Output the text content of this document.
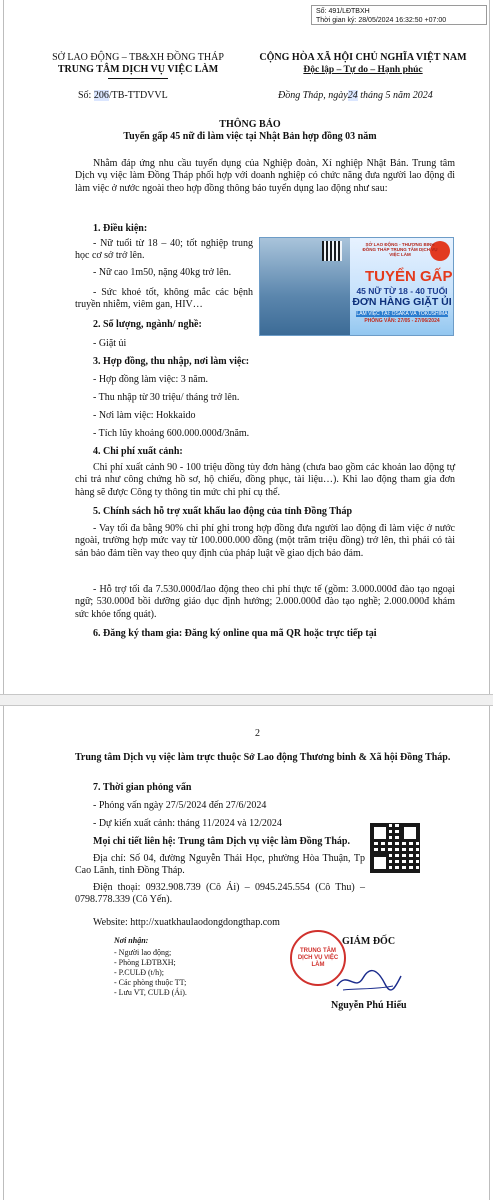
Số: 491/LĐTBXH
Thời gian ký: 28/05/2024 16:32:50 +07:00
SỞ LAO ĐỘNG – TB&XH ĐỒNG THÁP
TRUNG TÂM DỊCH VỤ VIỆC LÀM
CỘNG HÒA XÃ HỘI CHỦ NGHĨA VIỆT NAM
Độc lập – Tự do – Hạnh phúc
Số: 206/TB-TTDVVL	Đồng Tháp, ngày24 tháng 5 năm 2024
THÔNG BÁO
Tuyển gấp 45 nữ đi làm việc tại Nhật Bản hợp đồng 03 năm
Nhằm đáp ứng nhu cầu tuyển dụng của Nghiệp đoàn, Xí nghiệp Nhật Bản. Trung tâm Dịch vụ việc làm Đồng Tháp phối hợp với doanh nghiệp có chức năng đưa người lao động đi làm việc ở nước ngoài theo hợp đồng thông báo tuyển dụng lao động như sau:
1. Điều kiện:
- Nữ tuổi từ 18 – 40; tốt nghiệp trung học cơ sở trở lên.
- Nữ cao 1m50, nặng 40kg trở lên.
- Sức khoẻ tốt, không mắc các bệnh truyền nhiễm, viêm gan, HIV…
SỞ LAO ĐỘNG - THƯƠNG BINH ĐỒNG THÁP TRUNG TÂM DỊCH VỤ VIỆC LÀM
TUYỂN GẤP
45 NỮ TỪ 18 - 40 TUỔI
ĐƠN HÀNG GIẶT ỦI
LÀM VIỆC TẠI: OSAKA VÀ TOKUSHIMA
PHỎNG VẤN: 27/05 - 27/06/2024
2. Số lượng, ngành/ nghề:
- Giặt ủi
3. Hợp đồng, thu nhập, nơi làm việc:
- Hợp đồng làm việc: 3 năm.
- Thu nhập từ 30 triệu/ tháng trở lên.
- Nơi làm việc: Hokkaido
- Tích lũy khoảng 600.000.000đ/3năm.
4. Chi phí xuất cảnh:
Chi phí xuất cảnh 90 - 100 triệu đồng tùy đơn hàng (chưa bao gồm các khoản lao động tự chi trả như công chứng hồ sơ, hộ chiếu, đồng phục, tài liệu…). Khi lao động tham gia đơn hàng sẽ được Công ty thông tin mức chi phí cụ thể.
5. Chính sách hỗ trợ xuất khẩu lao động của tỉnh Đồng Tháp
- Vay tối đa bằng 90% chi phí ghi trong hợp đồng đưa người lao động đi làm việc ở nước ngoài, trường hợp mức vay từ 100.000.000 đồng (một trăm triệu đồng) trở lên, thì phải có tài sản bảo đảm tiền vay theo quy định của pháp luật về giao dịch bảo đảm.
- Hỗ trợ tối đa 7.530.000đ/lao động theo chi phí thực tế (gồm: 3.000.000đ đào tạo ngoại ngữ; 530.000đ bồi dưỡng giáo dục định hướng; 2.000.000đ đào tạo nghề; 2.000.000đ khám sức khỏe tổng quát).
6. Đăng ký tham gia: Đăng ký online qua mã QR hoặc trực tiếp tại
2
Trung tâm Dịch vụ việc làm trực thuộc Sở Lao động Thương binh & Xã hội Đồng Tháp.
7. Thời gian phỏng vấn
- Phỏng vấn ngày 27/5/2024 đến 27/6/2024
- Dự kiến xuất cảnh: tháng 11/2024 và 12/2024
Mọi chi tiết liên hệ: Trung tâm Dịch vụ việc làm Đồng Tháp.
Địa chỉ: Số 04, đường Nguyễn Thái Học, phường Hòa Thuận, Tp Cao Lãnh, tỉnh Đồng Tháp.
Điện thoại: 0932.908.739 (Cô Ái) – 0945.245.554 (Cô Thu) – 0798.778.339 (Cô Yến).
Website: http://xuatkhaulaodongdongthap.com
Nơi nhận:
- Người lao động;
- Phòng LĐTBXH;
- P.CULĐ (t/h);
- Các phòng thuộc TT;
- Lưu VT, CULĐ (Ái).
GIÁM ĐỐC
TRUNG TÂM DỊCH VỤ VIỆC LÀM
Nguyễn Phú Hiếu
